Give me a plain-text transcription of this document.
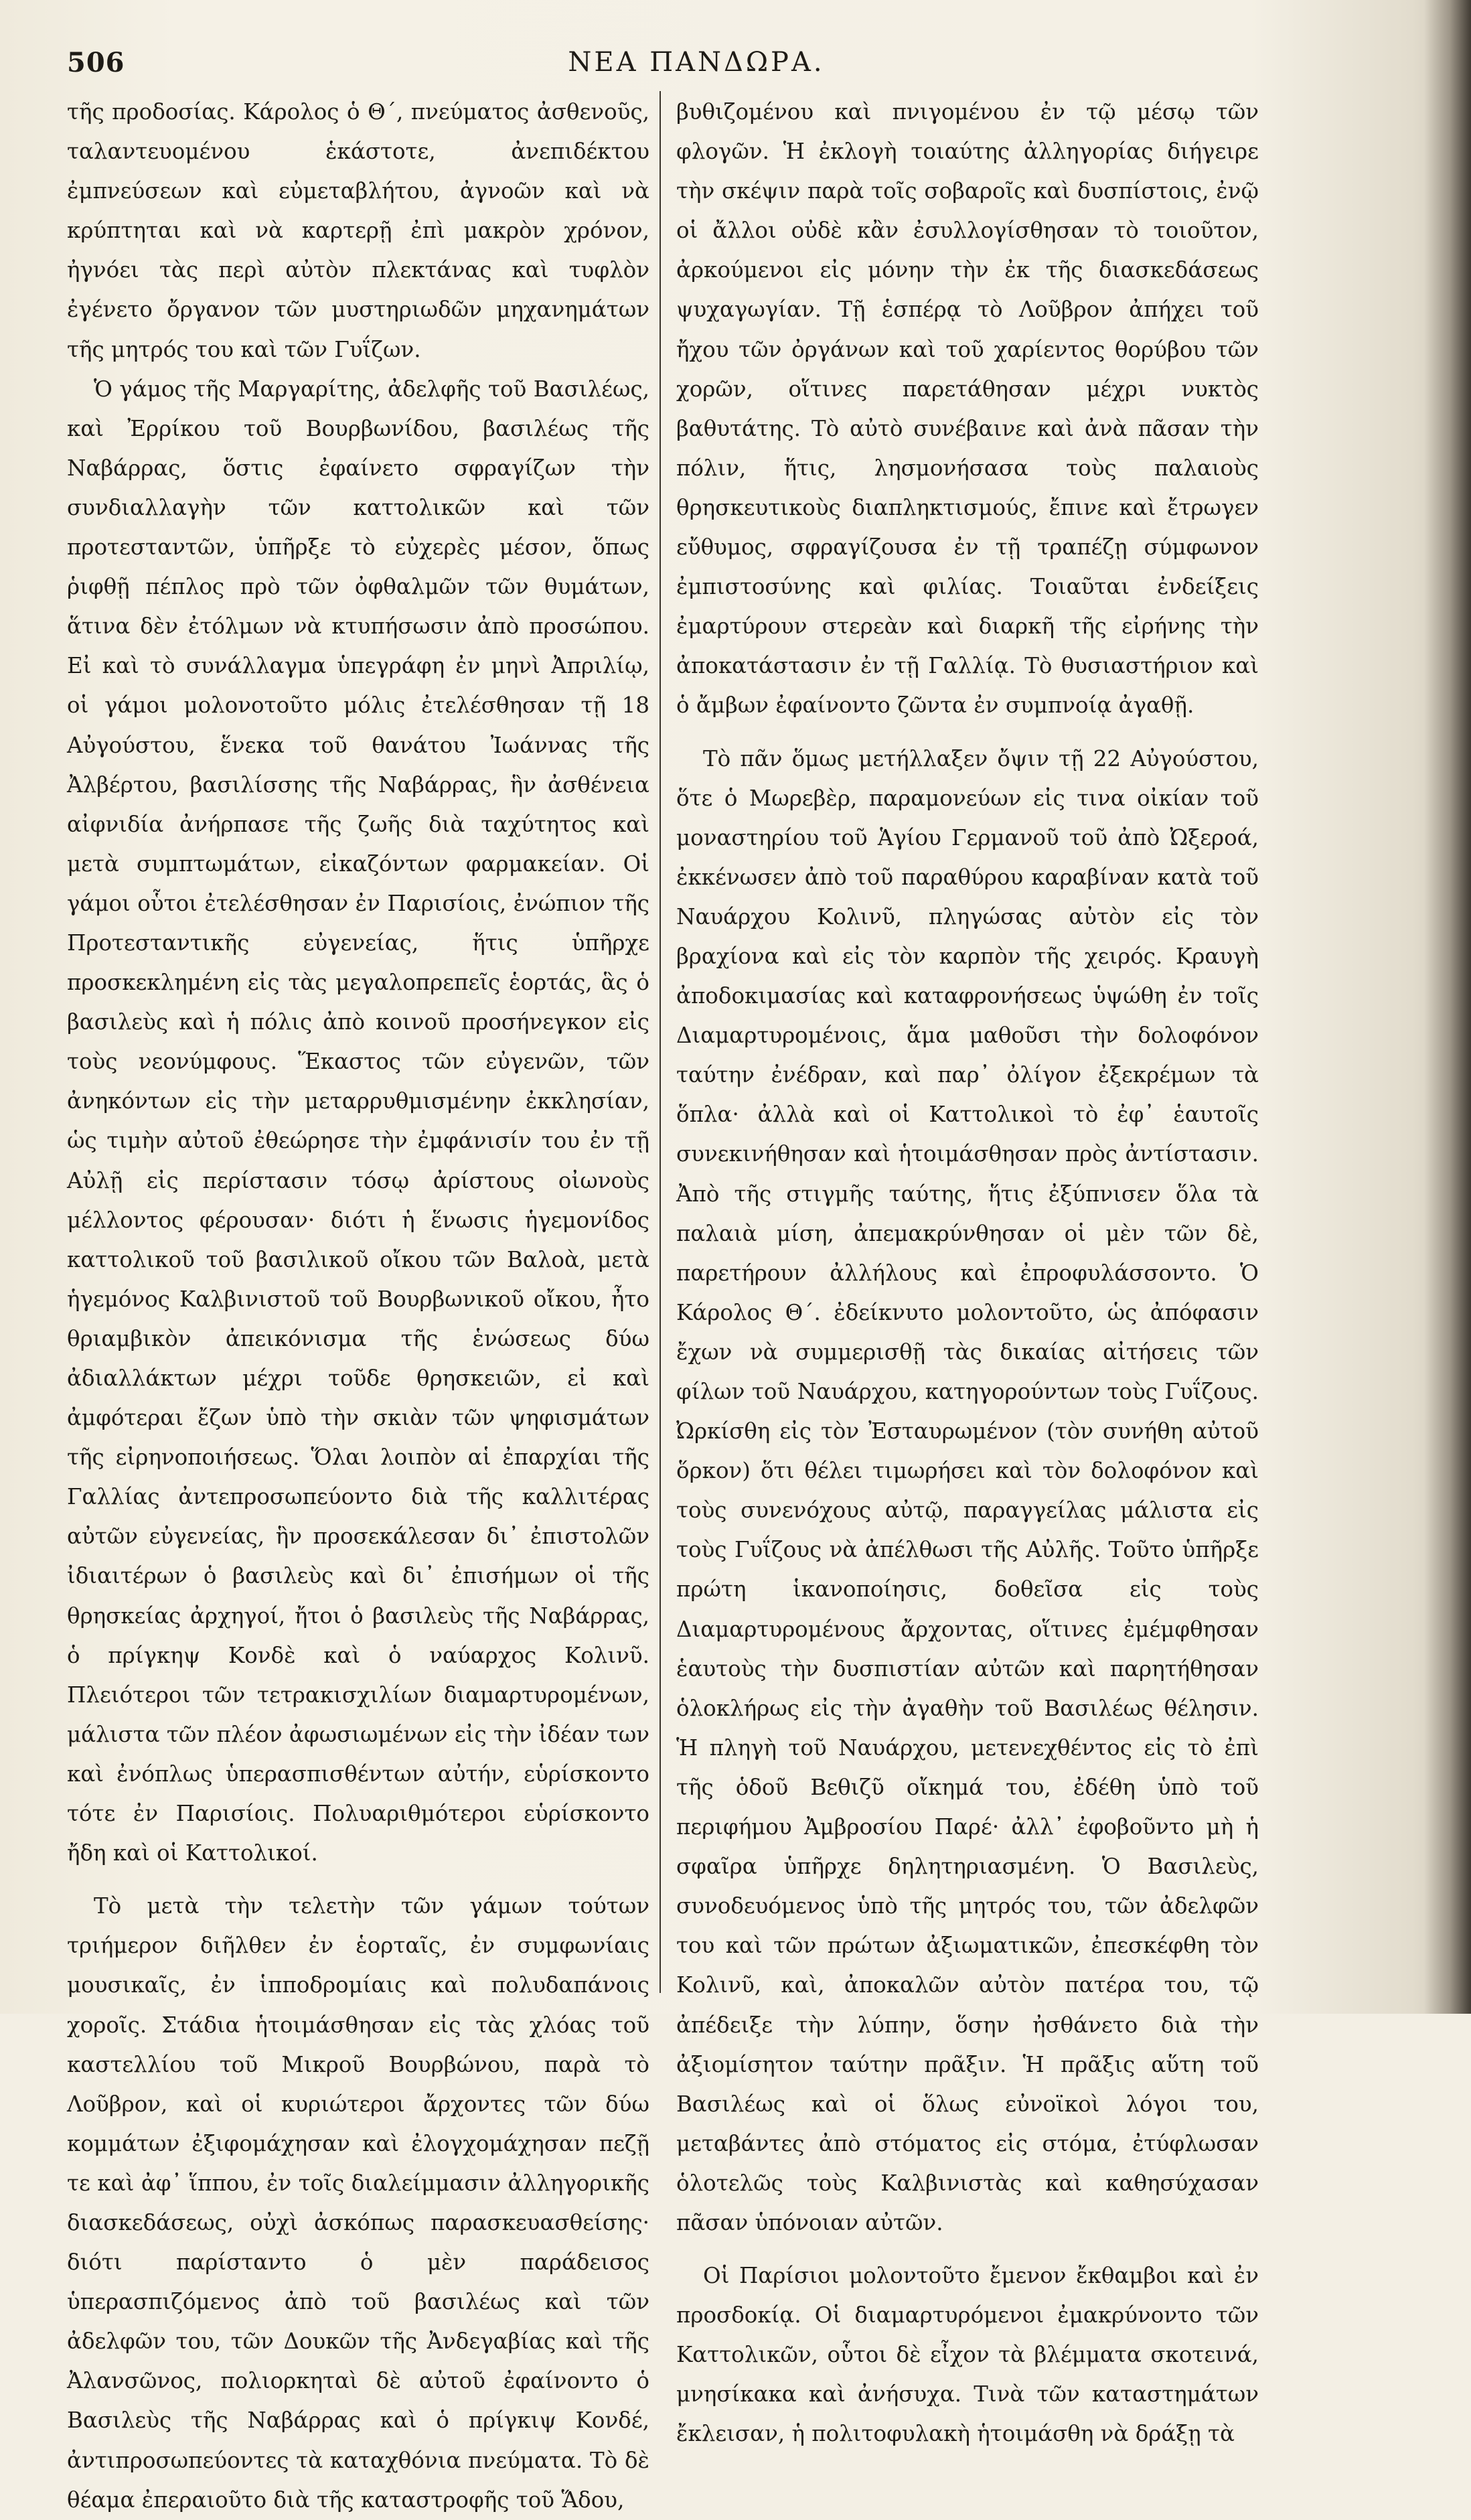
506	ΝΕΑ ΠΑΝΔΩΡΑ.

τῆς προδοσίας. Κάρολος ὁ Θ΄, πνεύματος ἀσθενοῦς, ταλαντευομένου ἑκάστοτε, ἀνεπιδέκτου ἐμπνεύσεων καὶ εὐμεταβλήτου, ἀγνοῶν καὶ νὰ κρύπτηται καὶ νὰ καρτερῇ ἐπὶ μακρὸν χρόνον, ἠγνόει τὰς περὶ αὐτὸν πλεκτάνας καὶ τυφλὸν ἐγένετο ὄργανον τῶν μυστηριωδῶν μηχανημάτων τῆς μητρός του καὶ τῶν Γυΐζων.

Ὁ γάμος τῆς Μαργαρίτης, ἀδελφῆς τοῦ Βασιλέως, καὶ Ἐρρίκου τοῦ Βουρβωνίδου, βασιλέως τῆς Ναβάρρας, ὅστις ἐφαίνετο σφραγίζων τὴν συνδιαλλαγὴν τῶν καττολικῶν καὶ τῶν προτεσταντῶν, ὑπῆρξε τὸ εὐχερὲς μέσον, ὅπως ῥιφθῇ πέπλος πρὸ τῶν ὀφθαλμῶν τῶν θυμάτων, ἅτινα δὲν ἐτόλμων νὰ κτυπήσωσιν ἀπὸ προσώπου. Εἰ καὶ τὸ συνάλλαγμα ὑπεγράφη ἐν μηνὶ Ἀπριλίῳ, οἱ γάμοι μολονοτοῦτο μόλις ἐτελέσθησαν τῇ 18 Αὐγούστου, ἕνεκα τοῦ θανάτου Ἰωάννας τῆς Ἀλβέρτου, βασιλίσσης τῆς Ναβάρρας, ἣν ἀσθένεια αἰφνιδία ἀνήρπασε τῆς ζωῆς διὰ ταχύτητος καὶ μετὰ συμπτωμάτων, εἰκαζόντων φαρμακείαν. Οἱ γάμοι οὗτοι ἐτελέσθησαν ἐν Παρισίοις, ἐνώπιον τῆς Προτεσταντικῆς εὐγενείας, ἥτις ὑπῆρχε προσκεκλημένη εἰς τὰς μεγαλοπρεπεῖς ἑορτάς, ἃς ὁ βασιλεὺς καὶ ἡ πόλις ἀπὸ κοινοῦ προσήνεγκον εἰς τοὺς νεονύμφους. Ἕκαστος τῶν εὐγενῶν, τῶν ἀνηκόντων εἰς τὴν μεταρρυθμισμένην ἐκκλησίαν, ὡς τιμὴν αὐτοῦ ἐθεώρησε τὴν ἐμφάνισίν του ἐν τῇ Αὐλῇ εἰς περίστασιν τόσῳ ἀρίστους οἰωνοὺς μέλλοντος φέρουσαν· διότι ἡ ἕνωσις ἡγεμονίδος καττολικοῦ τοῦ βασιλικοῦ οἴκου τῶν Βαλοὰ, μετὰ ἡγεμόνος Καλβινιστοῦ τοῦ Βουρβωνικοῦ οἴκου, ἦτο θριαμβικὸν ἀπεικόνισμα τῆς ἑνώσεως δύω ἀδιαλλάκτων μέχρι τοῦδε θρησκειῶν, εἰ καὶ ἀμφότεραι ἔζων ὑπὸ τὴν σκιὰν τῶν ψηφισμάτων τῆς εἰρηνοποιήσεως. Ὅλαι λοιπὸν αἱ ἐπαρχίαι τῆς Γαλλίας ἀντεπροσωπεύοντο διὰ τῆς καλλιτέρας αὐτῶν εὐγενείας, ἣν προσεκάλεσαν δι᾽ ἐπιστολῶν ἰδιαιτέρων ὁ βασιλεὺς καὶ δι᾽ ἐπισήμων οἱ τῆς θρησκείας ἀρχηγοί, ἤτοι ὁ βασιλεὺς τῆς Ναβάρρας, ὁ πρίγκηψ Κονδὲ καὶ ὁ ναύαρχος Κολινῦ. Πλειότεροι τῶν τετρακισχιλίων διαμαρτυρομένων, μάλιστα τῶν πλέον ἀφωσιωμένων εἰς τὴν ἰδέαν των καὶ ἐνόπλως ὑπερασπισθέντων αὐτήν, εὑρίσκοντο τότε ἐν Παρισίοις. Πολυαριθμότεροι εὑρίσκοντο ἤδη καὶ οἱ Καττολικοί.

Τὸ μετὰ τὴν τελετὴν τῶν γάμων τούτων τριήμερον διῆλθεν ἐν ἑορταῖς, ἐν συμφωνίαις μουσικαῖς, ἐν ἱπποδρομίαις καὶ πολυδαπάνοις χοροῖς. Στάδια ἡτοιμάσθησαν εἰς τὰς χλόας τοῦ καστελλίου τοῦ Μικροῦ Βουρβώνου, παρὰ τὸ Λοῦβρον, καὶ οἱ κυριώτεροι ἄρχοντες τῶν δύω κομμάτων ἐξιφομάχησαν καὶ ἐλογχομάχησαν πεζῇ τε καὶ ἀφ᾽ ἵππου, ἐν τοῖς διαλείμμασιν ἀλληγορικῆς διασκεδάσεως, οὐχὶ ἀσκόπως παρασκευασθείσης· διότι παρίσταντο ὁ μὲν παράδεισος ὑπερασπιζόμενος ἀπὸ τοῦ βασιλέως καὶ τῶν ἀδελφῶν του, τῶν Δουκῶν τῆς Ἀνδεγαβίας καὶ τῆς Ἀλανσῶνος, πολιορκηταὶ δὲ αὐτοῦ ἐφαίνοντο ὁ Βασιλεὺς τῆς Ναβάρρας καὶ ὁ πρίγκιψ Κονδέ, ἀντιπροσωπεύοντες τὰ καταχθόνια πνεύματα. Τὸ δὲ θέαμα ἐπεραιοῦτο διὰ τῆς καταστροφῆς τοῦ Ἅδου,

βυθιζομένου καὶ πνιγομένου ἐν τῷ μέσῳ τῶν φλογῶν. Ἡ ἐκλογὴ τοιαύτης ἀλληγορίας διήγειρε τὴν σκέψιν παρὰ τοῖς σοβαροῖς καὶ δυσπίστοις, ἐνῷ οἱ ἄλλοι οὐδὲ κἂν ἐσυλλογίσθησαν τὸ τοιοῦτον, ἀρκούμενοι εἰς μόνην τὴν ἐκ τῆς διασκεδάσεως ψυχαγωγίαν. Τῇ ἑσπέρᾳ τὸ Λοῦβρον ἀπήχει τοῦ ἤχου τῶν ὀργάνων καὶ τοῦ χαρίεντος θορύβου τῶν χορῶν, οἵτινες παρετάθησαν μέχρι νυκτὸς βαθυτάτης. Τὸ αὐτὸ συνέβαινε καὶ ἀνὰ πᾶσαν τὴν πόλιν, ἥτις, λησμονήσασα τοὺς παλαιοὺς θρησκευτικοὺς διαπληκτισμούς, ἔπινε καὶ ἔτρωγεν εὔθυμος, σφραγίζουσα ἐν τῇ τραπέζῃ σύμφωνον ἐμπιστοσύνης καὶ φιλίας. Τοιαῦται ἐνδείξεις ἐμαρτύρουν στερεὰν καὶ διαρκῆ τῆς εἰρήνης τὴν ἀποκατάστασιν ἐν τῇ Γαλλίᾳ. Τὸ θυσιαστήριον καὶ ὁ ἄμβων ἐφαίνοντο ζῶντα ἐν συμπνοίᾳ ἀγαθῇ.

Τὸ πᾶν ὅμως μετήλλαξεν ὄψιν τῇ 22 Αὐγούστου, ὅτε ὁ Μωρεβὲρ, παραμονεύων εἰς τινα οἰκίαν τοῦ μοναστηρίου τοῦ Ἁγίου Γερμανοῦ τοῦ ἀπὸ Ὠξεροά, ἐκκένωσεν ἀπὸ τοῦ παραθύρου καραβίναν κατὰ τοῦ Ναυάρχου Κολινῦ, πληγώσας αὐτὸν εἰς τὸν βραχίονα καὶ εἰς τὸν καρπὸν τῆς χειρός. Κραυγὴ ἀποδοκιμασίας καὶ καταφρονήσεως ὑψώθη ἐν τοῖς Διαμαρτυρομένοις, ἅμα μαθοῦσι τὴν δολοφόνον ταύτην ἐνέδραν, καὶ παρ᾽ ὀλίγον ἐξεκρέμων τὰ ὅπλα· ἀλλὰ καὶ οἱ Καττολικοὶ τὸ ἐφ᾽ ἑαυτοῖς συνεκινήθησαν καὶ ἡτοιμάσθησαν πρὸς ἀντίστασιν. Ἀπὸ τῆς στιγμῆς ταύτης, ἥτις ἐξύπνισεν ὅλα τὰ παλαιὰ μίση, ἀπεμακρύνθησαν οἱ μὲν τῶν δὲ, παρετήρουν ἀλλήλους καὶ ἐπροφυλάσσοντο. Ὁ Κάρολος Θ΄. ἐδείκνυτο μολοντοῦτο, ὡς ἀπόφασιν ἔχων νὰ συμμερισθῇ τὰς δικαίας αἰτήσεις τῶν φίλων τοῦ Ναυάρχου, κατηγορούντων τοὺς Γυΐζους. Ὠρκίσθη εἰς τὸν Ἐσταυρωμένον (τὸν συνήθη αὐτοῦ ὅρκον) ὅτι θέλει τιμωρήσει καὶ τὸν δολοφόνον καὶ τοὺς συνενόχους αὐτῷ, παραγγείλας μάλιστα εἰς τοὺς Γυΐζους νὰ ἀπέλθωσι τῆς Αὐλῆς. Τοῦτο ὑπῆρξε πρώτη ἱκανοποίησις, δοθεῖσα εἰς τοὺς Διαμαρτυρομένους ἄρχοντας, οἵτινες ἐμέμφθησαν ἑαυτοὺς τὴν δυσπιστίαν αὐτῶν καὶ παρητήθησαν ὁλοκλήρως εἰς τὴν ἀγαθὴν τοῦ Βασιλέως θέλησιν. Ἡ πληγὴ τοῦ Ναυάρχου, μετενεχθέντος εἰς τὸ ἐπὶ τῆς ὁδοῦ Βεθιζῦ οἴκημά του, ἐδέθη ὑπὸ τοῦ περιφήμου Ἀμβροσίου Παρέ· ἀλλ᾽ ἐφοβοῦντο μὴ ἡ σφαῖρα ὑπῆρχε δηλητηριασμένη. Ὁ Βασιλεὺς, συνοδευόμενος ὑπὸ τῆς μητρός του, τῶν ἀδελφῶν του καὶ τῶν πρώτων ἀξιωματικῶν, ἐπεσκέφθη τὸν Κολινῦ, καὶ, ἀποκαλῶν αὐτὸν πατέρα του, τῷ ἀπέδειξε τὴν λύπην, ὅσην ἠσθάνετο διὰ τὴν ἀξιομίσητον ταύτην πρᾶξιν. Ἡ πρᾶξις αὕτη τοῦ Βασιλέως καὶ οἱ ὅλως εὐνοϊκοὶ λόγοι του, μεταβάντες ἀπὸ στόματος εἰς στόμα, ἐτύφλωσαν ὁλοτελῶς τοὺς Καλβινιστὰς καὶ καθησύχασαν πᾶσαν ὑπόνοιαν αὐτῶν.

Οἱ Παρίσιοι μολοντοῦτο ἔμενον ἔκθαμβοι καὶ ἐν προσδοκίᾳ. Οἱ διαμαρτυρόμενοι ἐμακρύνοντο τῶν Καττολικῶν, οὗτοι δὲ εἶχον τὰ βλέμματα σκοτεινά, μνησίκακα καὶ ἀνήσυχα. Τινὰ τῶν καταστημάτων ἔκλεισαν, ἡ πολιτοφυλακὴ ἡτοιμάσθη νὰ δράξῃ τὰ
